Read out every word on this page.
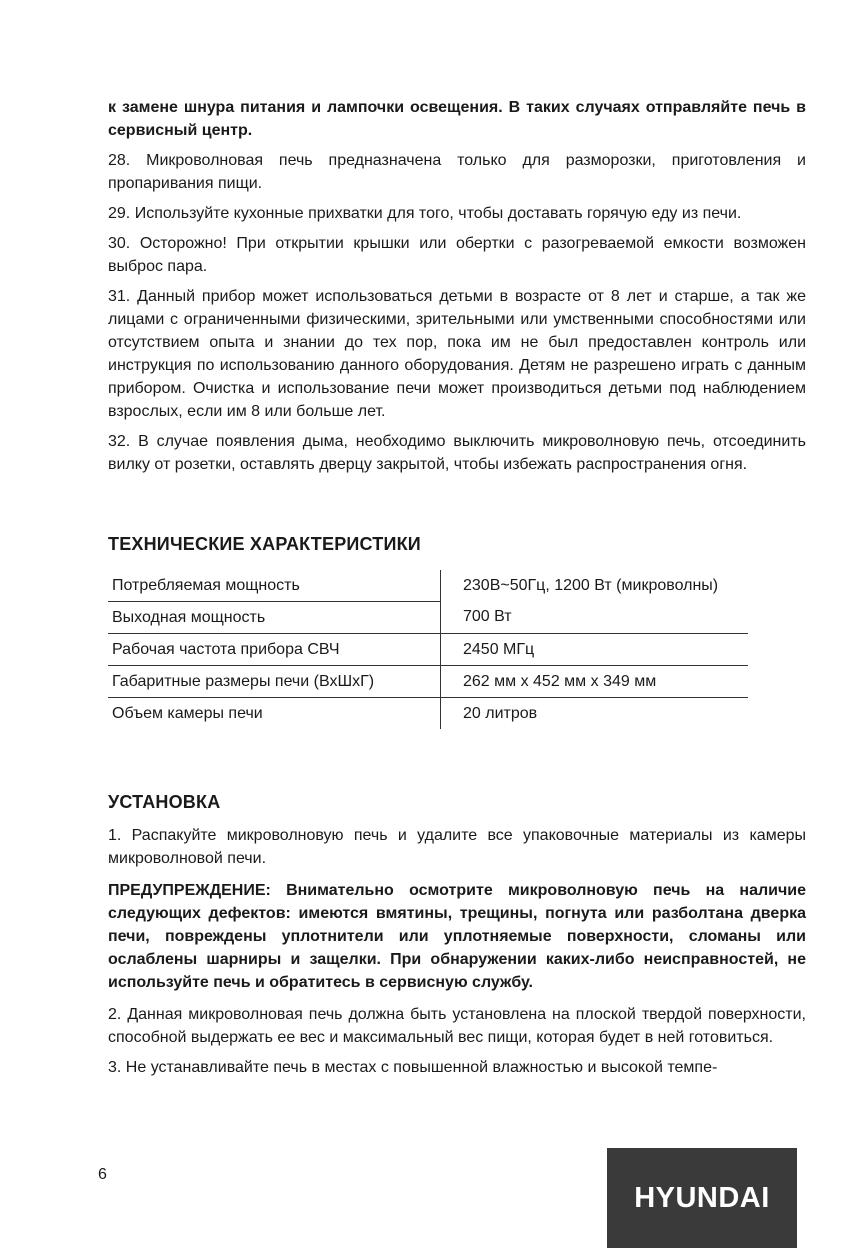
к замене шнура питания и лампочки освещения. В таких случаях отправляйте печь в сервисный центр.

28. Микроволновая печь предназначена только для разморозки, приготовления и пропаривания пищи.

29. Используйте кухонные прихватки для того, чтобы доставать горячую еду из печи.

30. Осторожно! При открытии крышки или обертки с разогреваемой емкости возможен выброс пара.

31. Данный прибор может использоваться детьми в возрасте от 8 лет и старше, а так же лицами с ограниченными физическими, зрительными или умственными способностями или отсутствием опыта и знании до тех пор, пока им не был предоставлен контроль или инструкция по использованию данного оборудования. Детям не разрешено играть с данным прибором. Очистка и использование печи может производиться детьми под наблюдением взрослых, если им 8 или больше лет.

32. В случае появления дыма, необходимо выключить микроволновую печь, отсоединить вилку от розетки, оставлять дверцу закрытой, чтобы избежать распространения огня.

ТЕХНИЧЕСКИЕ ХАРАКТЕРИСТИКИ
Потребляемая мощность	230В~50Гц, 1200 Вт (микроволны)
Выходная мощность	700 Вт
Рабочая частота прибора СВЧ	2450 МГц
Габаритные размеры печи (ВхШхГ)	262 мм х 452 мм х 349 мм
Объем камеры печи	20 литров
УСТАНОВКА

1. Распакуйте микроволновую печь и удалите все упаковочные материалы из камеры микроволновой печи.

ПРЕДУПРЕЖДЕНИЕ: Внимательно осмотрите микроволновую печь на наличие следующих дефектов: имеются вмятины, трещины, погнута или разболтана дверка печи, повреждены уплотнители или уплотняемые поверхности, сломаны или ослаблены шарниры и защелки. При обнаружении каких-либо неисправностей, не используйте печь и обратитесь в сервисную службу.

2. Данная микроволновая печь должна быть установлена на плоской твердой поверхности, способной выдержать ее вес и максимальный вес пищи, которая будет в ней готовиться.

3. Не устанавливайте печь в местах с повышенной влажностью и высокой темпе-

6
HYUNDAI
